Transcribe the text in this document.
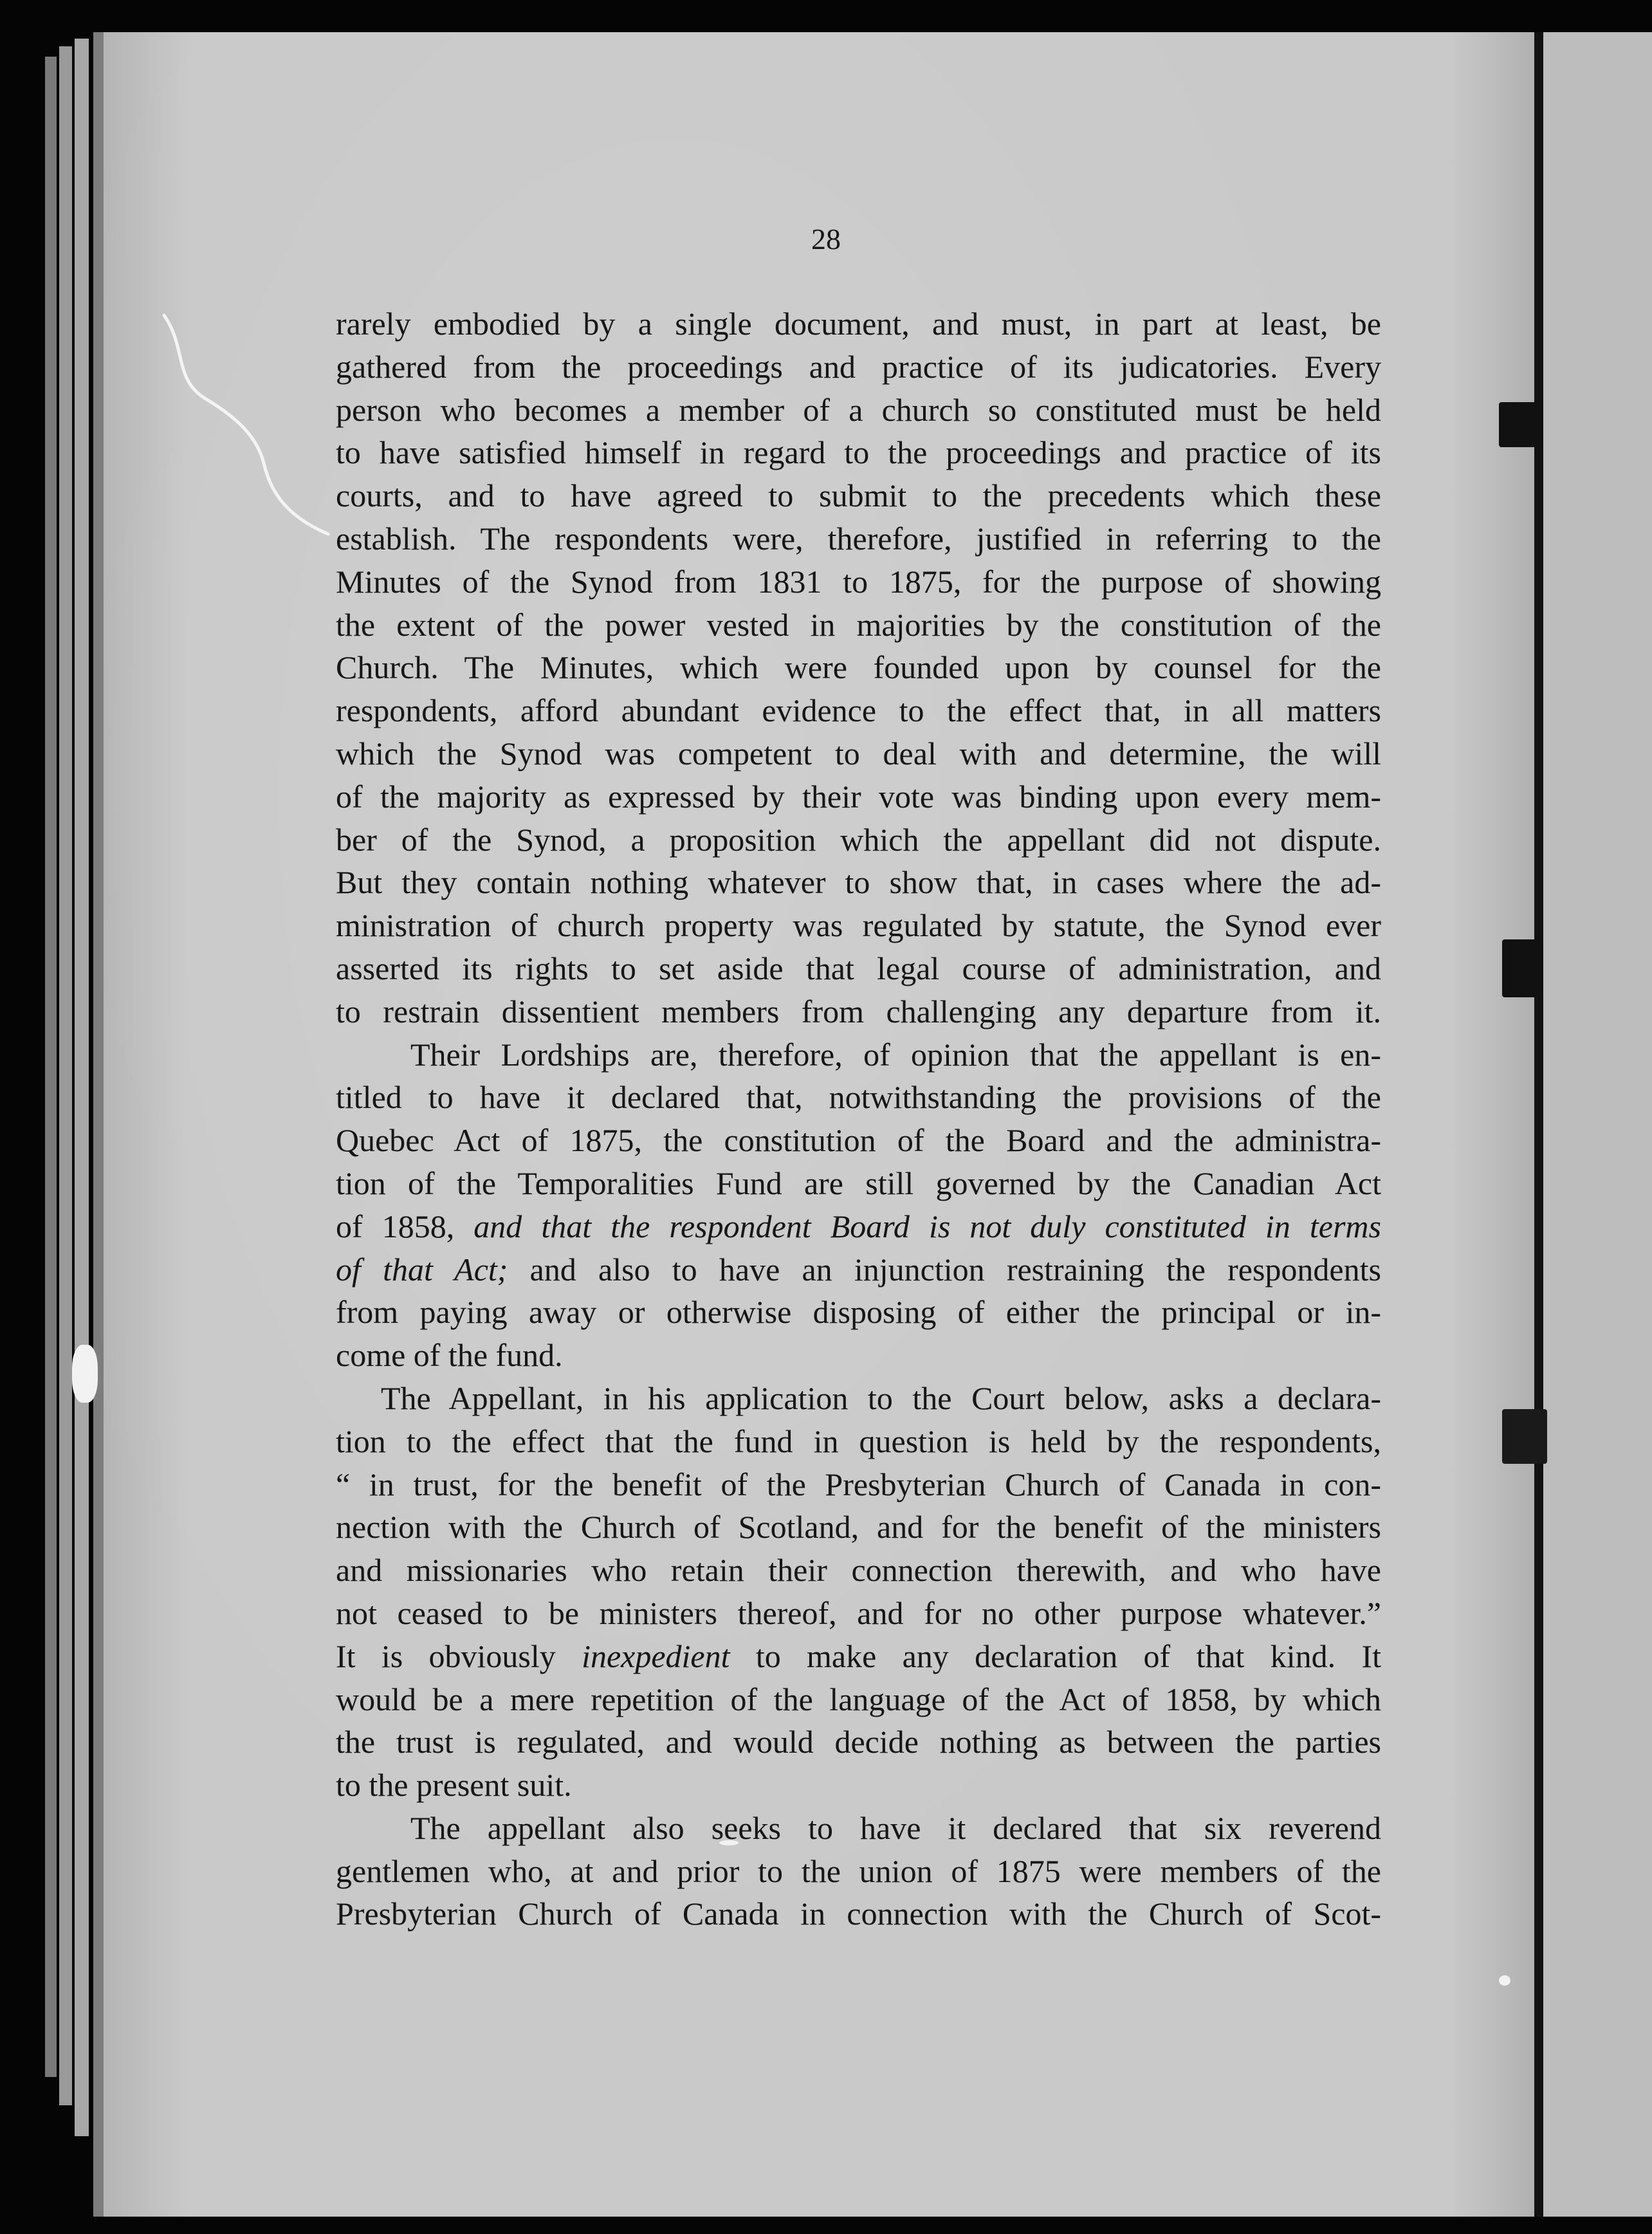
28
rarely embodied by a single document, and must, in part at least, be
gathered from the proceedings and practice of its judicatories. Every
person who becomes a member of a church so constituted must be held
to have satisfied himself in regard to the proceedings and practice of its
courts, and to have agreed to submit to the precedents which these
establish. The respondents were, therefore, justified in referring to the
Minutes of the Synod from 1831 to 1875, for the purpose of showing
the extent of the power vested in majorities by the constitution of the
Church. The Minutes, which were founded upon by counsel for the
respondents, afford abundant evidence to the effect that, in all matters
which the Synod was competent to deal with and determine, the will
of the majority as expressed by their vote was binding upon every mem-
ber of the Synod, a proposition which the appellant did not dispute.
But they contain nothing whatever to show that, in cases where the ad-
ministration of church property was regulated by statute, the Synod ever
asserted its rights to set aside that legal course of administration, and
to restrain dissentient members from challenging any departure from it.
Their Lordships are, therefore, of opinion that the appellant is en-
titled to have it declared that, notwithstanding the provisions of the
Quebec Act of 1875, the constitution of the Board and the administra-
tion of the Temporalities Fund are still governed by the Canadian Act
of 1858, and that the respondent Board is not duly constituted in terms
of that Act; and also to have an injunction restraining the respondents
from paying away or otherwise disposing of either the principal or in-
come of the fund.
The Appellant, in his application to the Court below, asks a declara-
tion to the effect that the fund in question is held by the respondents,
“ in trust, for the benefit of the Presbyterian Church of Canada in con-
nection with the Church of Scotland, and for the benefit of the ministers
and missionaries who retain their connection therewith, and who have
not ceased to be ministers thereof, and for no other purpose whatever.”
It is obviously inexpedient to make any declaration of that kind. It
would be a mere repetition of the language of the Act of 1858, by which
the trust is regulated, and would decide nothing as between the parties
to the present suit.
The appellant also seeks to have it declared that six reverend
gentlemen who, at and prior to the union of 1875 were members of the
Presbyterian Church of Canada in connection with the Church of Scot-
